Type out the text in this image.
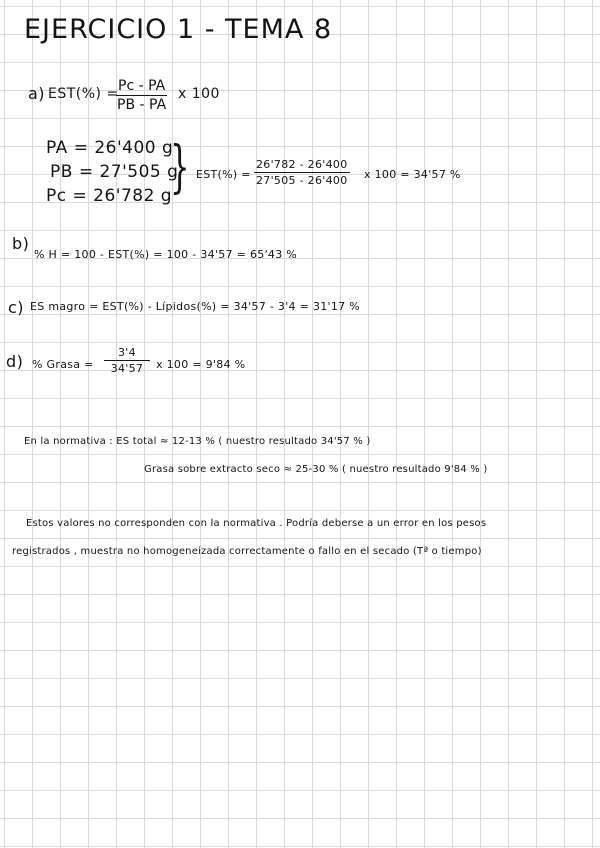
EJERCICIO 1 - TEMA 8
a) EST(%) =
$\frac{Pc - PA}{PB - PA}$ x 100
PA = 26'400 g
PB = 27'505 g
Pc = 26'782 g
} $EST(\%) = \frac{26'782 - 26'400}{27'505 - 26'400}$ x 100 = 34'57 %
b)
% H = 100 - EST(%) = 100 - 34'57 = 65'43 %
c) ES magro = EST(%) - Lípidos(%) = 34'57 - 3'4 = 31'17 %
d) % Grasa = $\frac{3'4}{34'57}$ x 100 = 9'84 %
En la normativa : ES total ≈ 12-13 % ( nuestro resultado 34'57 % )
Grasa sobre extracto seco ≈ 25-30 % ( nuestro resultado 9'84 % )
Estos valores no corresponden con la normativa . Podría deberse a un error en los pesos
registrados , muestra no homogeneizada correctamente o fallo en el secado (Tª o tiempo)
